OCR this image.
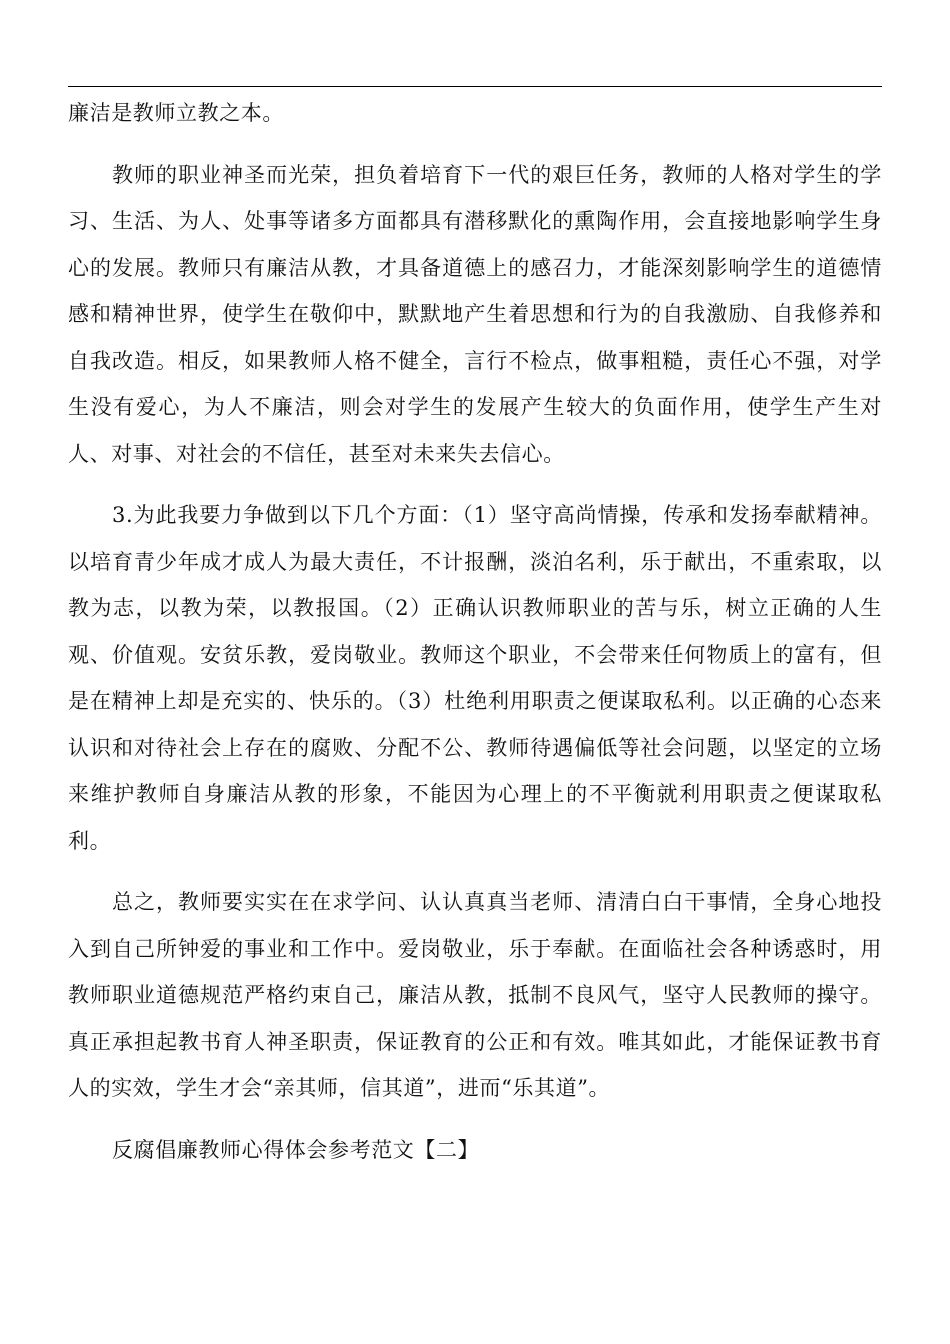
廉洁是教师立教之本。

教师的职业神圣而光荣，担负着培育下一代的艰巨任务，教师的人格对学生的学习、生活、为人、处事等诸多方面都具有潜移默化的熏陶作用，会直接地影响学生身心的发展。教师只有廉洁从教，才具备道德上的感召力，才能深刻影响学生的道德情感和精神世界，使学生在敬仰中，默默地产生着思想和行为的自我激励、自我修养和自我改造。相反，如果教师人格不健全，言行不检点，做事粗糙，责任心不强，对学生没有爱心，为人不廉洁，则会对学生的发展产生较大的负面作用，使学生产生对人、对事、对社会的不信任，甚至对未来失去信心。

3.为此我要力争做到以下几个方面：（1）坚守高尚情操，传承和发扬奉献精神。以培育青少年成才成人为最大责任，不计报酬，淡泊名利，乐于献出，不重索取，以教为志，以教为荣，以教报国。（2）正确认识教师职业的苦与乐，树立正确的人生观、价值观。安贫乐教，爱岗敬业。教师这个职业，不会带来任何物质上的富有，但是在精神上却是充实的、快乐的。（3）杜绝利用职责之便谋取私利。以正确的心态来认识和对待社会上存在的腐败、分配不公、教师待遇偏低等社会问题，以坚定的立场来维护教师自身廉洁从教的形象，不能因为心理上的不平衡就利用职责之便谋取私利。

总之，教师要实实在在求学问、认认真真当老师、清清白白干事情，全身心地投入到自己所钟爱的事业和工作中。爱岗敬业，乐于奉献。在面临社会各种诱惑时，用教师职业道德规范严格约束自己，廉洁从教，抵制不良风气，坚守人民教师的操守。真正承担起教书育人神圣职责，保证教育的公正和有效。唯其如此，才能保证教书育人的实效，学生才会“亲其师，信其道”，进而“乐其道”。

反腐倡廉教师心得体会参考范文【二】
